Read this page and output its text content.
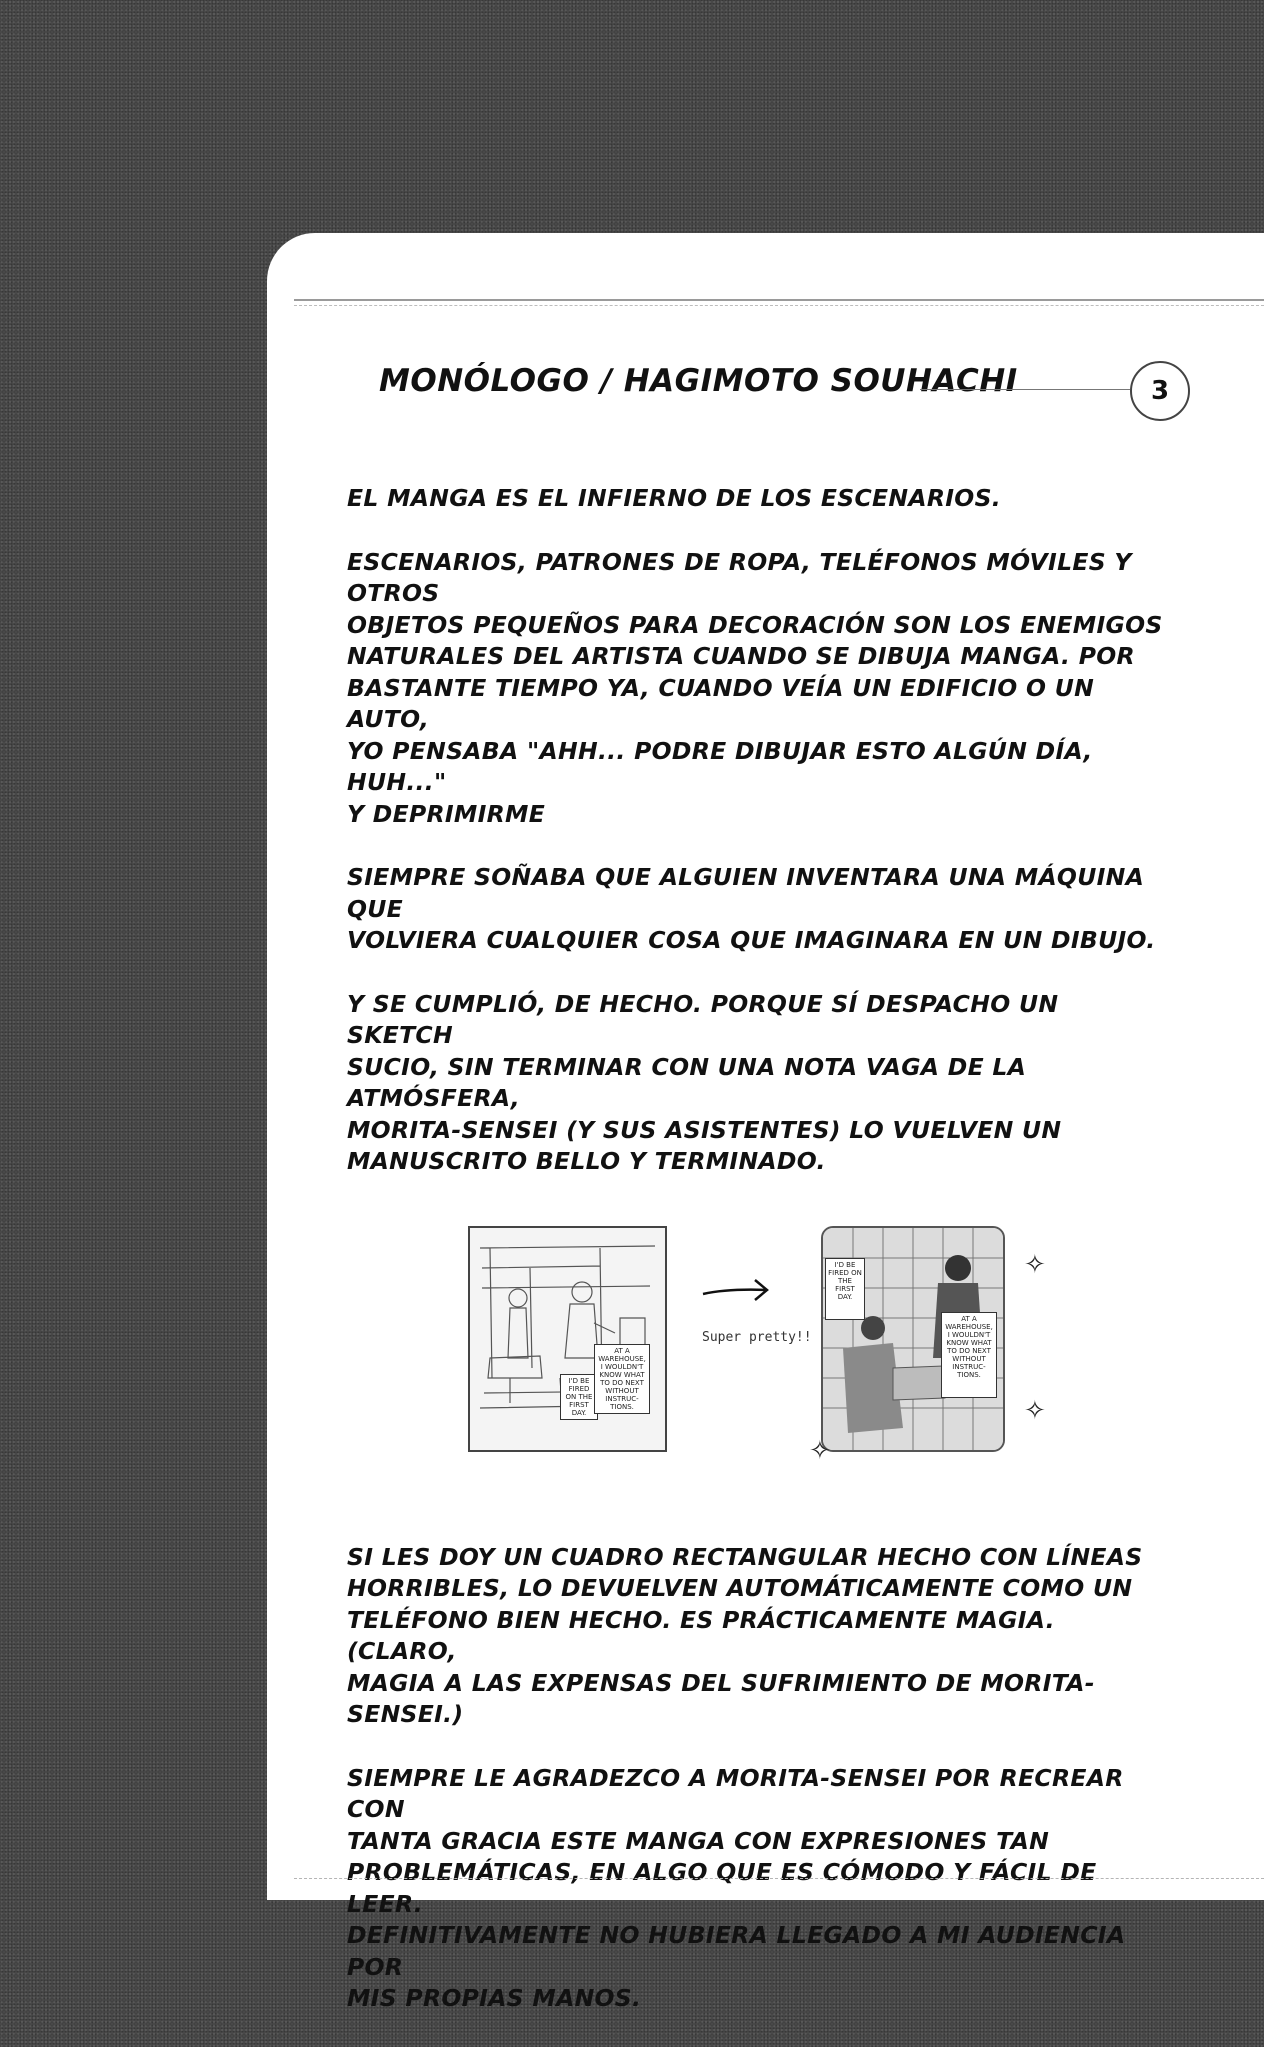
MONÓLOGO / HAGIMOTO SOUHACHI	3

EL MANGA ES EL INFIERNO DE LOS ESCENARIOS.

ESCENARIOS, PATRONES DE ROPA, TELÉFONOS MÓVILES Y OTROS
OBJETOS PEQUEÑOS PARA DECORACIÓN SON LOS ENEMIGOS
NATURALES DEL ARTISTA CUANDO SE DIBUJA MANGA. POR
BASTANTE TIEMPO YA, CUANDO VEÍA UN EDIFICIO O UN AUTO,
YO PENSABA "AHH... PODRE DIBUJAR ESTO ALGÚN DÍA, HUH..."
Y DEPRIMIRME

SIEMPRE SOÑABA QUE ALGUIEN INVENTARA UNA MÁQUINA QUE
VOLVIERA CUALQUIER COSA QUE IMAGINARA EN UN DIBUJO.

Y SE CUMPLIÓ, DE HECHO. PORQUE SÍ DESPACHO UN SKETCH
SUCIO, SIN TERMINAR CON UNA NOTA VAGA DE LA ATMÓSFERA,
MORITA-SENSEI (Y SUS ASISTENTES) LO VUELVEN UN
MANUSCRITO BELLO Y TERMINADO.

I'D BE FIRED ON THE FIRST DAY.
AT A WAREHOUSE, I WOULDN'T KNOW WHAT TO DO NEXT WITHOUT INSTRUC-TIONS.
Super pretty!!
I'D BE FIRED ON THE FIRST DAY.
AT A WAREHOUSE, I WOULDN'T KNOW WHAT TO DO NEXT WITHOUT INSTRUC-TIONS.
✧
✧
✧

SI LES DOY UN CUADRO RECTANGULAR HECHO CON LÍNEAS
HORRIBLES, LO DEVUELVEN AUTOMÁTICAMENTE COMO UN
TELÉFONO BIEN HECHO. ES PRÁCTICAMENTE MAGIA. (CLARO,
MAGIA A LAS EXPENSAS DEL SUFRIMIENTO DE MORITA-SENSEI.)

SIEMPRE LE AGRADEZCO A MORITA-SENSEI POR RECREAR CON
TANTA GRACIA ESTE MANGA CON EXPRESIONES TAN
PROBLEMÁTICAS, EN ALGO QUE ES CÓMODO Y FÁCIL DE LEER.
DEFINITIVAMENTE NO HUBIERA LLEGADO A MI AUDIENCIA POR
MIS PROPIAS MANOS.
